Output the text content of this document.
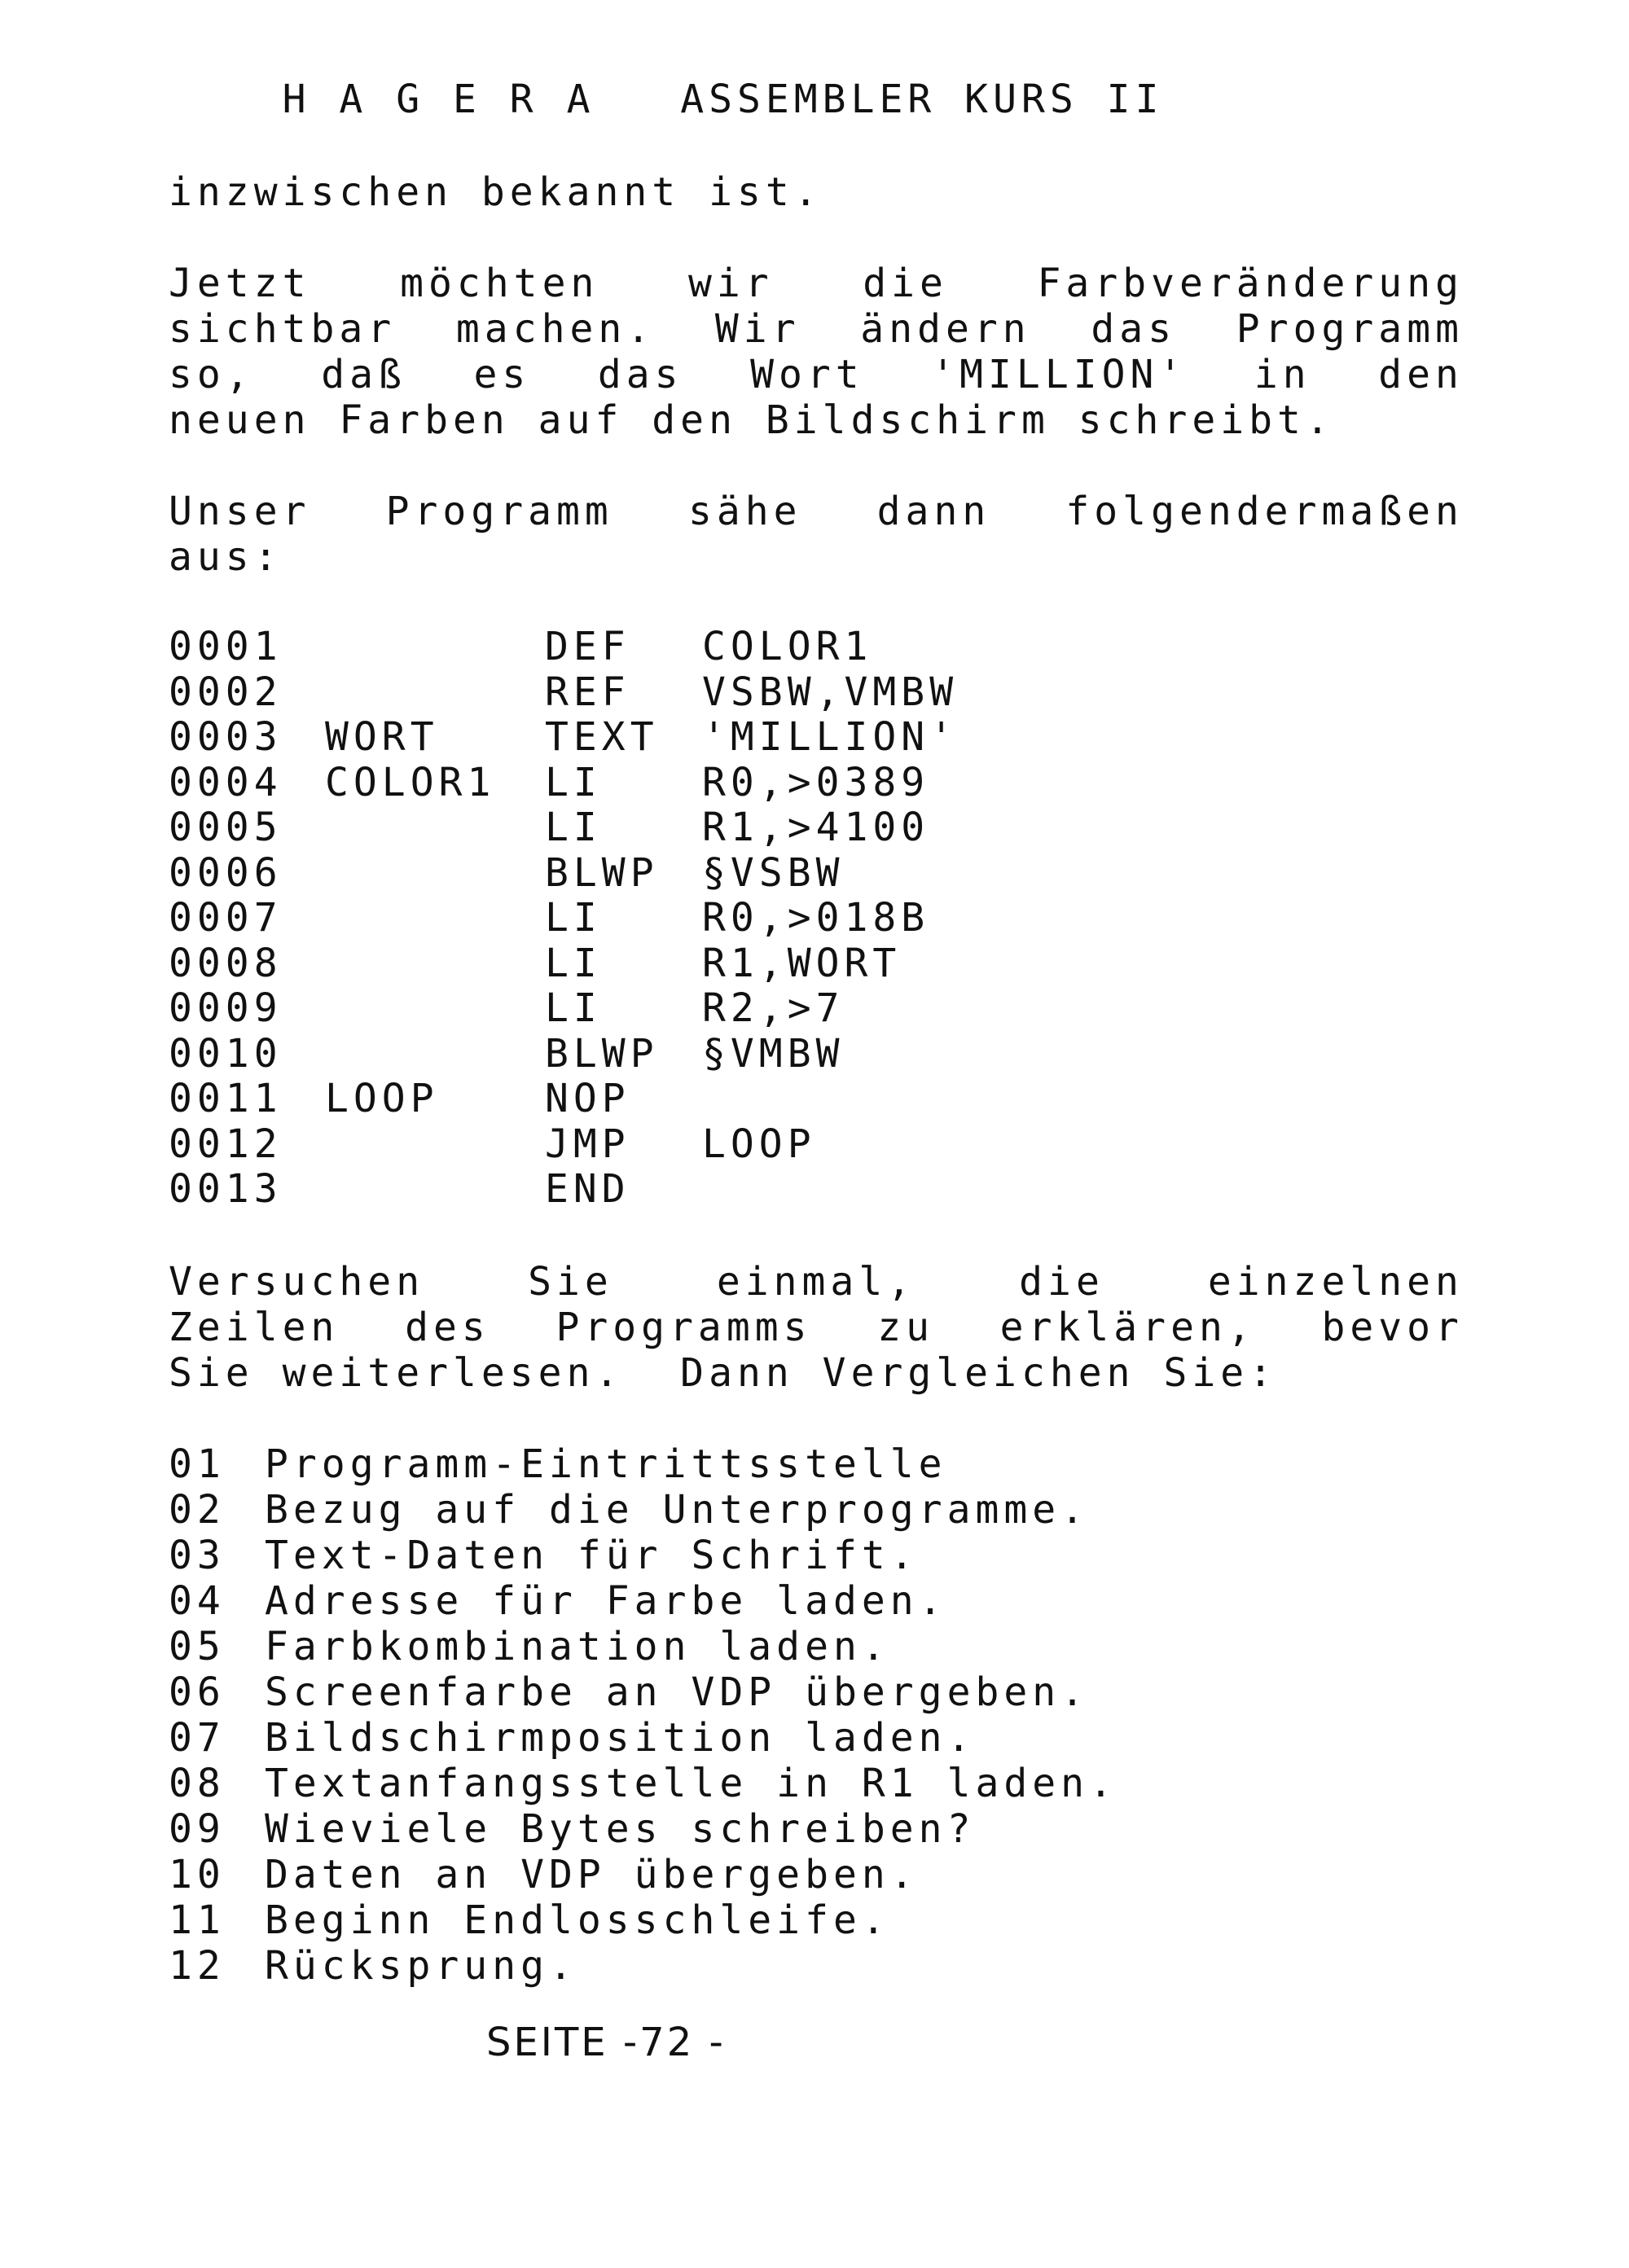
H A G E R A ASSEMBLER KURS II

inzwischen bekannt ist.
Jetzt möchten wir die Farbveränderung
sichtbar machen. Wir ändern das Programm
so, daß es das Wort 'MILLION' in den
neuen Farben auf den Bildschirm schreibt.
Unser Programm sähe dann folgendermaßen
aus:
0001	DEF COLOR1
0002	REF VSBW,VMBW
0003 WORT	TEXT 'MILLION'
0004 COLOR1 LI	R0,>0389
0005	LI	R1,>4100
0006	BLWP §VSBW
0007	LI	R0,>018B
0008	LI	R1,WORT
0009	LI	R2,>7
0010	BLWP §VMBW
0011 LOOP	NOP
0012	JMP LOOP
0013	END
Versuchen	Sie	einmal,	die	einzelnen
Zeilen des Programms zu erklären, bevor
Sie weiterlesen.  Dann Vergleichen Sie:
01 Programm-Eintrittsstelle
02 Bezug auf die Unterprogramme.
03 Text-Daten für Schrift.
04 Adresse für Farbe laden.
05 Farbkombination laden.
06 Screenfarbe an VDP übergeben.
07 Bildschirmposition laden.
08 Textanfangsstelle in R1 laden.
09 Wieviele Bytes schreiben?
10 Daten an VDP übergeben.
11 Beginn Endlosschleife.
12 Rücksprung.
SEITE -72 -
